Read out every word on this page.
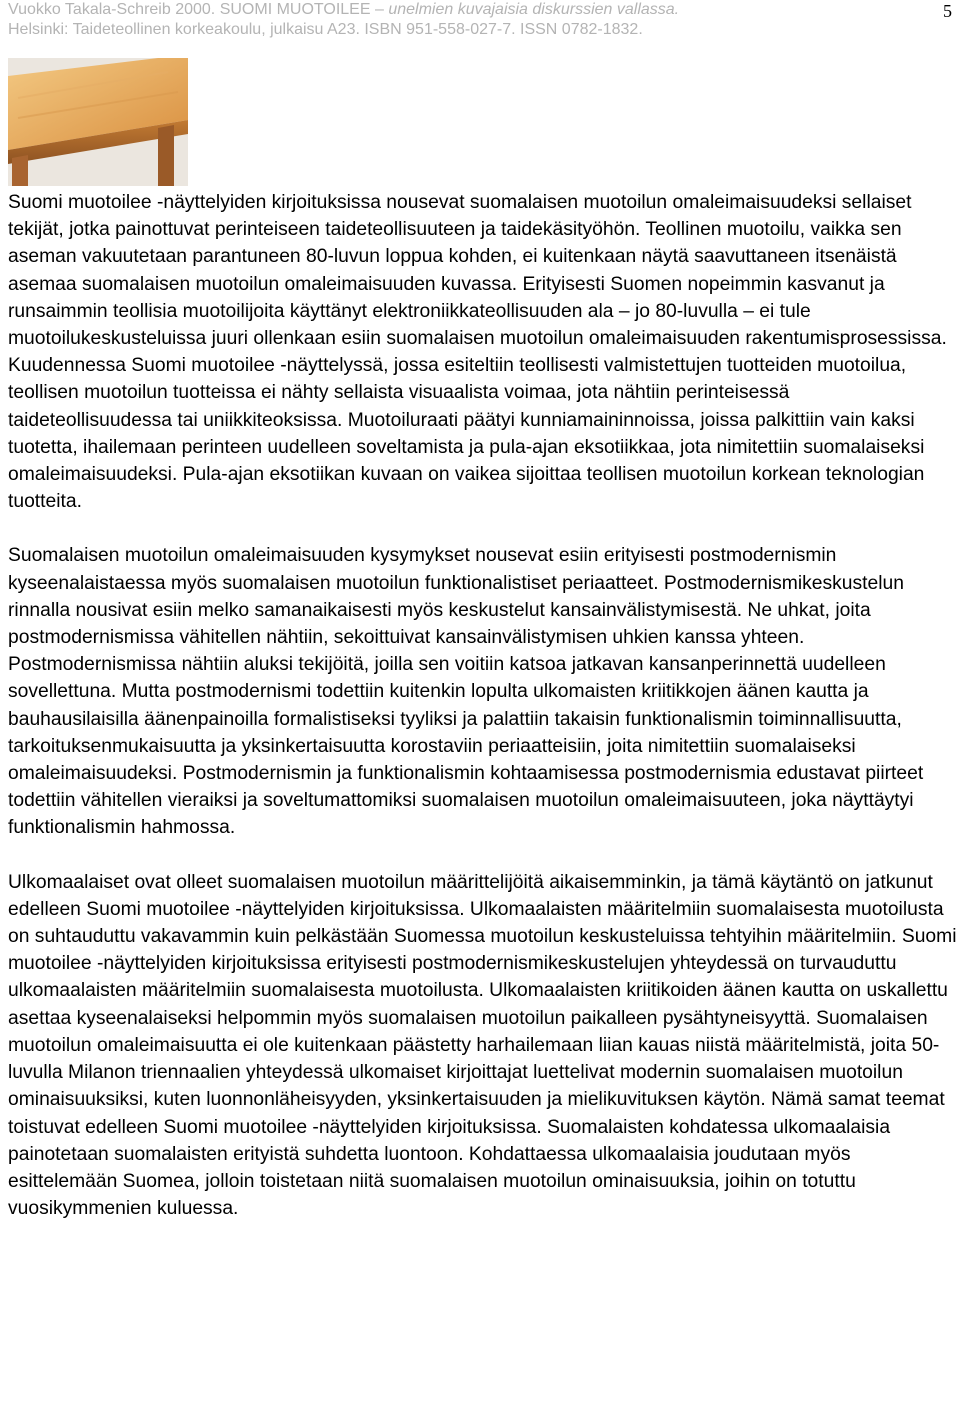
Vuokko Takala-Schreib 2000. SUOMI MUOTOILEE – unelmien kuvajaisia diskurssien vallassa.
Helsinki: Taideteollinen korkeakoulu, julkaisu A23. ISBN 951-558-027-7. ISSN 0782-1832.
5

Suomi muotoilee -näyttelyiden kirjoituksissa nousevat suomalaisen muotoilun omaleimaisuudeksi sellaiset tekijät, jotka painottuvat perinteiseen taideteollisuuteen ja taidekäsityöhön. Teollinen muotoilu, vaikka sen aseman vakuutetaan parantuneen 80-luvun loppua kohden, ei kuitenkaan näytä saavuttaneen itsenäistä asemaa suomalaisen muotoilun omaleimaisuuden kuvassa. Erityisesti Suomen nopeimmin kasvanut ja runsaimmin teollisia muotoilijoita käyttänyt elektroniikkateollisuuden ala – jo 80-luvulla – ei tule muotoilukeskusteluissa juuri ollenkaan esiin suomalaisen muotoilun omaleimaisuuden rakentumisprosessissa. Kuudennessa Suomi muotoilee -näyttelyssä, jossa esiteltiin teollisesti valmistettujen tuotteiden muotoilua, teollisen muotoilun tuotteissa ei nähty sellaista visuaalista voimaa, jota nähtiin perinteisessä taideteollisuudessa tai uniikkiteoksissa. Muotoiluraati päätyi kunniamaininnoissa, joissa palkittiin vain kaksi tuotetta, ihailemaan perinteen uudelleen soveltamista ja pula-ajan eksotiikkaa, jota nimitettiin suomalaiseksi omaleimaisuudeksi. Pula-ajan eksotiikan kuvaan on vaikea sijoittaa teollisen muotoilun korkean teknologian tuotteita.

Suomalaisen muotoilun omaleimaisuuden kysymykset nousevat esiin erityisesti postmodernismin kyseenalaistaessa myös suomalaisen muotoilun funktionalistiset periaatteet. Postmodernismikeskustelun rinnalla nousivat esiin melko samanaikaisesti myös keskustelut kansainvälistymisestä. Ne uhkat, joita postmodernismissa vähitellen nähtiin, sekoittuivat kansainvälistymisen uhkien kanssa yhteen. Postmodernismissa nähtiin aluksi tekijöitä, joilla sen voitiin katsoa jatkavan kansanperinnettä uudelleen sovellettuna. Mutta postmodernismi todettiin kuitenkin lopulta ulkomaisten kriitikkojen äänen kautta ja bauhausilaisilla äänenpainoilla formalistiseksi tyyliksi ja palattiin takaisin funktionalismin toiminnallisuutta, tarkoituksenmukaisuutta ja yksinkertaisuutta korostaviin periaatteisiin, joita nimitettiin suomalaiseksi omaleimaisuudeksi. Postmodernismin ja funktionalismin kohtaamisessa postmodernismia edustavat piirteet todettiin vähitellen vieraiksi ja soveltumattomiksi suomalaisen muotoilun omaleimaisuuteen, joka näyttäytyi funktionalismin hahmossa.

Ulkomaalaiset ovat olleet suomalaisen muotoilun määrittelijöitä aikaisemminkin, ja tämä käytäntö on jatkunut edelleen Suomi muotoilee -näyttelyiden kirjoituksissa. Ulkomaalaisten määritelmiin suomalaisesta muotoilusta on suhtauduttu vakavammin kuin pelkästään Suomessa muotoilun keskusteluissa tehtyihin määritelmiin. Suomi muotoilee -näyttelyiden kirjoituksissa erityisesti postmodernismikeskustelujen yhteydessä on turvauduttu ulkomaalaisten määritelmiin suomalaisesta muotoilusta. Ulkomaalaisten kriitikoiden äänen kautta on uskallettu asettaa kyseenalaiseksi helpommin myös suomalaisen muotoilun paikalleen pysähtyneisyyttä. Suomalaisen muotoilun omaleimaisuutta ei ole kuitenkaan päästetty harhailemaan liian kauas niistä määritelmistä, joita 50-luvulla Milanon triennaalien yhteydessä ulkomaiset kirjoittajat luettelivat modernin suomalaisen muotoilun ominaisuuksiksi, kuten luonnonläheisyyden, yksinkertaisuuden ja mielikuvituksen käytön. Nämä samat teemat toistuvat edelleen Suomi muotoilee -näyttelyiden kirjoituksissa. Suomalaisten kohdatessa ulkomaalaisia painotetaan suomalaisten erityistä suhdetta luontoon. Kohdattaessa ulkomaalaisia joudutaan myös esittelemään Suomea, jolloin toistetaan niitä suomalaisen muotoilun ominaisuuksia, joihin on totuttu vuosikymmenien kuluessa.
